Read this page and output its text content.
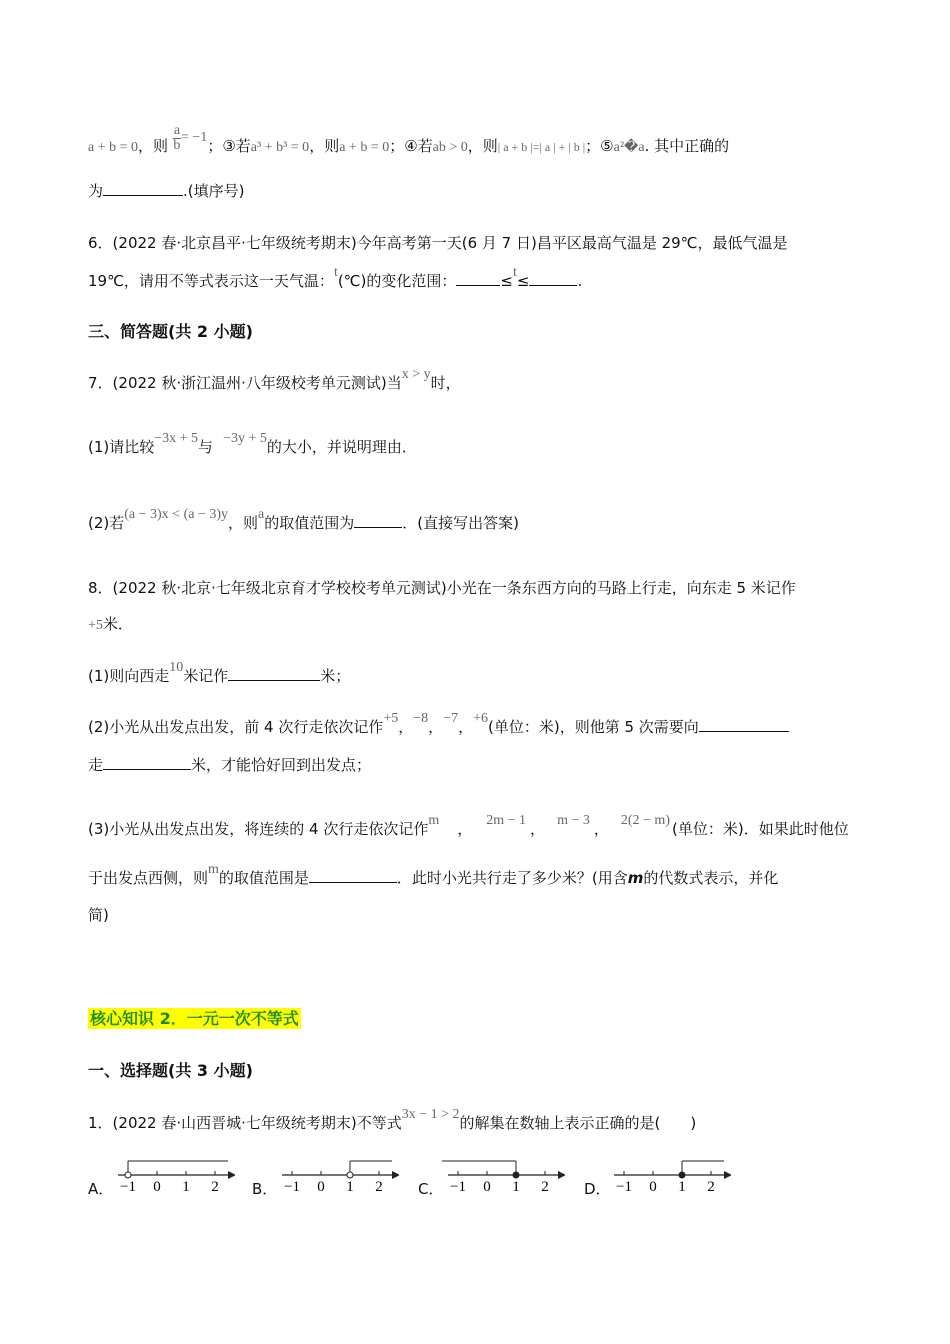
a + b = 0，则 $\frac{a}{b} = -1$；③若a³ + b³ = 0，则a + b = 0；④若ab > 0，则| a + b |=| a | + | b |；⑤a²�a. 其中正确的
为	.(填序号)
6．(2022 春·北京昌平·七年级统考期末)今年高考第一天(6 月 7 日)昌平区最高气温是 29℃，最低气温是
19℃，请用不等式表示这一天气温：t(℃)的变化范围：	≤t≤	.
三、简答题(共 2 小题)
7．(2022 秋·浙江温州·八年级校考单元测试)当x > y时，
(1)请比较−3x + 5与 −3y + 5的大小，并说明理由．
(2)若(a − 3)x < (a − 3)y，则a的取值范围为	．(直接写出答案)
8．(2022 秋·北京·七年级北京育才学校校考单元测试)小光在一条东西方向的马路上行走，向东走 5 米记作
+5米．
(1)则向西走10米记作	米；
(2)小光从出发点出发，前 4 次行走依次记作+5，−8，−7，+6(单位：米)，则他第 5 次需要向
走	米，才能恰好回到出发点；
(3)小光从出发点出发，将连续的 4 次行走依次记作m ， 2m − 1 ， m − 3 ， 2(2 − m) (单位：米)．如果此时他位
于出发点西侧，则m的取值范围是	．此时小光共行走了多少米？(用含m的代数式表示，并化
简)
核心知识 2．一元一次不等式
一、选择题(共 3 小题)
1．(2022 春·山西晋城·七年级统考期末)不等式3x − 1 > 2的解集在数轴上表示正确的是(　　)
A． −1 0 1 2 B． −1 0 1 2 C． −1 0 1 2 D． −1 0 1 2
